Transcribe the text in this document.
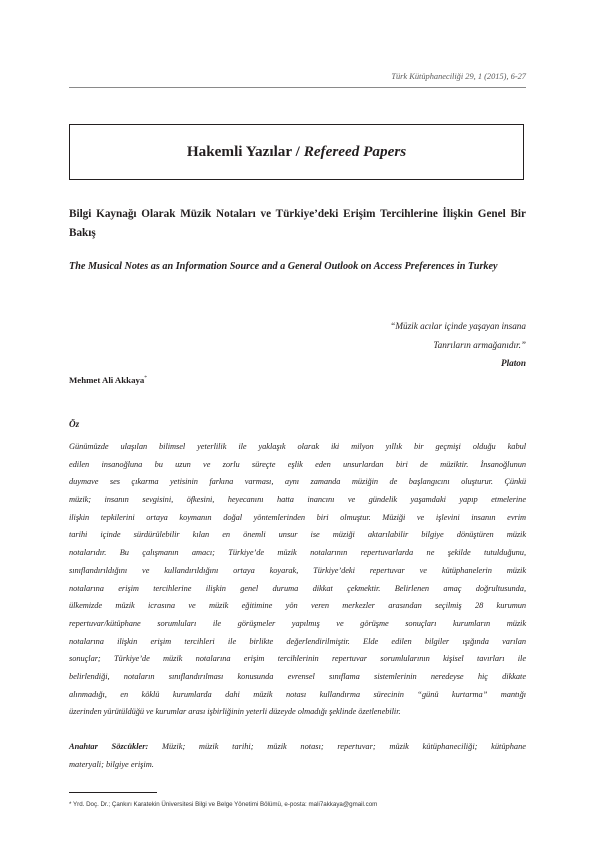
Türk Kütüphaneciliği 29, 1 (2015), 6-27
Hakemli Yazılar /
Refereed Papers
Bilgi Kaynağı Olarak Müzik Notaları ve Türkiye’deki Erişim Tercihlerine İlişkin Genel Bir Bakış
The Musical Notes as an Information Source and a General Outlook on Access Preferences in Turkey
“Müzik acılar içinde yaşayan insana
Tanrıların armağanıdır.”
Platon
Mehmet Ali Akkaya*
Öz
Günümüzde ulaşılan bilimsel yeterlilik ile yaklaşık olarak iki milyon yıllık bir geçmişi olduğu kabul
edilen insanoğluna bu uzun ve zorlu süreçte eşlik eden unsurlardan biri de müziktir. İnsanoğlunun
duymave ses çıkarma yetisinin farkına varması, aynı zamanda müziğin de başlangıcını oluşturur. Çünkü
müzik; insanın sevgisini, öfkesini, heyecanını hatta inancını ve gündelik yaşamdaki yapıp etmelerine
ilişkin tepkilerini ortaya koymanın doğal yöntemlerinden biri olmuştur. Müziği ve işlevini insanın evrim
tarihi içinde sürdürülebilir kılan en önemli unsur ise müziği aktarılabilir bilgiye dönüştüren müzik
notalarıdır. Bu çalışmanın amacı; Türkiye’de müzik notalarının repertuvarlarda ne şekilde tutulduğunu,
sınıflandırıldığını ve kullandırıldığını ortaya koyarak, Türkiye’deki repertuvar ve kütüphanelerin müzik
notalarına erişim tercihlerine ilişkin genel duruma dikkat çekmektir. Belirlenen amaç doğrultusunda,
ülkemizde müzik icrasına ve müzik eğitimine yön veren merkezler arasından seçilmiş 28 kurumun
repertuvar/kütüphane sorumluları ile görüşmeler yapılmış ve görüşme sonuçları kurumların müzik
notalarına ilişkin erişim tercihleri ile birlikte değerlendirilmiştir. Elde edilen bilgiler ışığında varılan
sonuçlar; Türkiye’de müzik notalarına erişim tercihlerinin repertuvar sorumlularının kişisel tavırları ile
belirlendiği, notaların sınıflandırılması konusunda evrensel sınıflama sistemlerinin neredeyse hiç dikkate
alınmadığı, en köklü kurumlarda dahi müzik notası kullandırma sürecinin “günü kurtarma” mantığı
üzerinden yürütüldüğü ve kurumlar arası işbirliğinin yeterli düzeyde olmadığı şeklinde özetlenebilir.
Anahtar Sözcükler: Müzik; müzik tarihi; müzik notası; repertuvar; müzik kütüphaneciliği; kütüphane
materyali; bilgiye erişim.
* Yrd. Doç. Dr.; Çankırı Karatekin Üniversitesi Bilgi ve Belge Yönetimi Bölümü, e-posta: mali7akkaya@gmail.com
